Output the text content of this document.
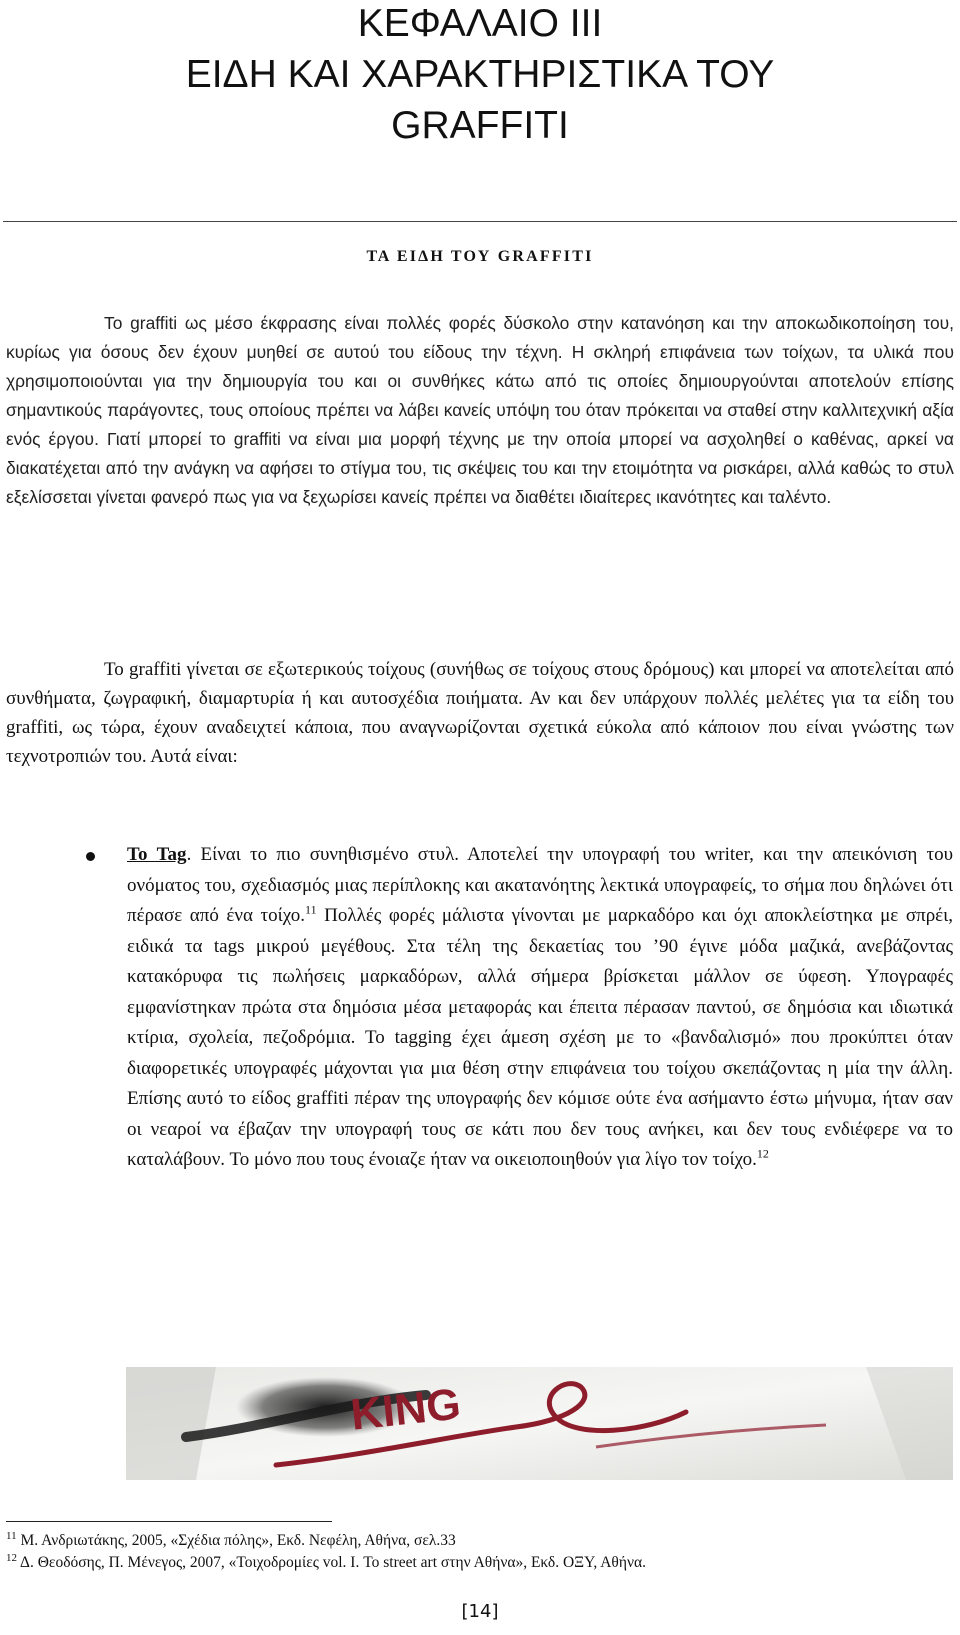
ΚΕΦΑΛΑΙΟ ΙΙΙ
ΕΙΔΗ ΚΑΙ ΧΑΡΑΚΤΗΡΙΣΤΙΚΑ ΤΟΥ
GRAFFITI
ΤΑ ΕΙΔΗ ΤΟΥ GRAFFITI

Το graffiti ως μέσο έκφρασης είναι πολλές φορές δύσκολο στην κατανόηση και την αποκωδικοποίηση του, κυρίως για όσους δεν έχουν μυηθεί σε αυτού του είδους την τέχνη. Η σκληρή επιφάνεια των τοίχων, τα υλικά που χρησιμοποιούνται για την δημιουργία του και οι συνθήκες κάτω από τις οποίες δημιουργούνται αποτελούν επίσης σημαντικούς παράγοντες, τους οποίους πρέπει να λάβει κανείς υπόψη του όταν πρόκειται να σταθεί στην καλλιτεχνική αξία ενός έργου. Γιατί μπορεί το graffiti να είναι μια μορφή τέχνης με την οποία μπορεί να ασχοληθεί ο καθένας, αρκεί να διακατέχεται από την ανάγκη να αφήσει το στίγμα του, τις σκέψεις του και την ετοιμότητα να ρισκάρει, αλλά καθώς το στυλ εξελίσσεται γίνεται φανερό πως για να ξεχωρίσει κανείς πρέπει να διαθέτει ιδιαίτερες ικανότητες και ταλέντο.

Το graffiti γίνεται σε εξωτερικούς τοίχους (συνήθως σε τοίχους στους δρόμους) και μπορεί να αποτελείται από συνθήματα, ζωγραφική, διαμαρτυρία ή και αυτοσχέδια ποιήματα. Αν και δεν υπάρχουν πολλές μελέτες για τα είδη του graffiti, ως τώρα, έχουν αναδειχτεί κάποια, που αναγνωρίζονται σχετικά εύκολα από κάποιον που είναι γνώστης των τεχνοτροπιών του. Αυτά είναι:

Το Tag. Είναι το πιο συνηθισμένο στυλ. Αποτελεί την υπογραφή του writer, και την απεικόνιση του ονόματος του, σχεδιασμός μιας περίπλοκης και ακατανόητης λεκτικά υπογραφείς, το σήμα που δηλώνει ότι πέρασε από ένα τοίχο.$^{11}$ Πολλές φορές μάλιστα γίνονται με μαρκαδόρο και όχι αποκλείστηκα με σπρέι, ειδικά τα tags μικρού μεγέθους. Στα τέλη της δεκαετίας του ’90 έγινε μόδα μαζικά, ανεβάζοντας κατακόρυφα τις πωλήσεις μαρκαδόρων, αλλά σήμερα βρίσκεται μάλλον σε ύφεση. Υπογραφές εμφανίστηκαν πρώτα στα δημόσια μέσα μεταφοράς και έπειτα πέρασαν παντού, σε δημόσια και ιδιωτικά κτίρια, σχολεία, πεζοδρόμια. Το tagging έχει άμεση σχέση με το «βανδαλισμό» που προκύπτει όταν διαφορετικές υπογραφές μάχονται για μια θέση στην επιφάνεια του τοίχου σκεπάζοντας η μία την άλλη. Επίσης αυτό το είδος graffiti πέραν της υπογραφής δεν κόμισε ούτε ένα ασήμαντο έστω μήνυμα, ήταν σαν οι νεαροί να έβαζαν την υπογραφή τους σε κάτι που δεν τους ανήκει, και δεν τους ενδιέφερε να το καταλάβουν. Το μόνο που τους ένοιαζε ήταν να οικειοποιηθούν για λίγο τον τοίχο.$^{12}$

KING

$^{11}$ Μ. Ανδριωτάκης, 2005, «Σχέδια πόλης», Εκδ. Νεφέλη, Αθήνα, σελ.33

$^{12}$ Δ. Θεοδόσης, Π. Μένεγος, 2007, «Τοιχοδρομίες vol. I. Το street art στην Αθήνα», Εκδ. ΟΞΥ, Αθήνα.

[14]
